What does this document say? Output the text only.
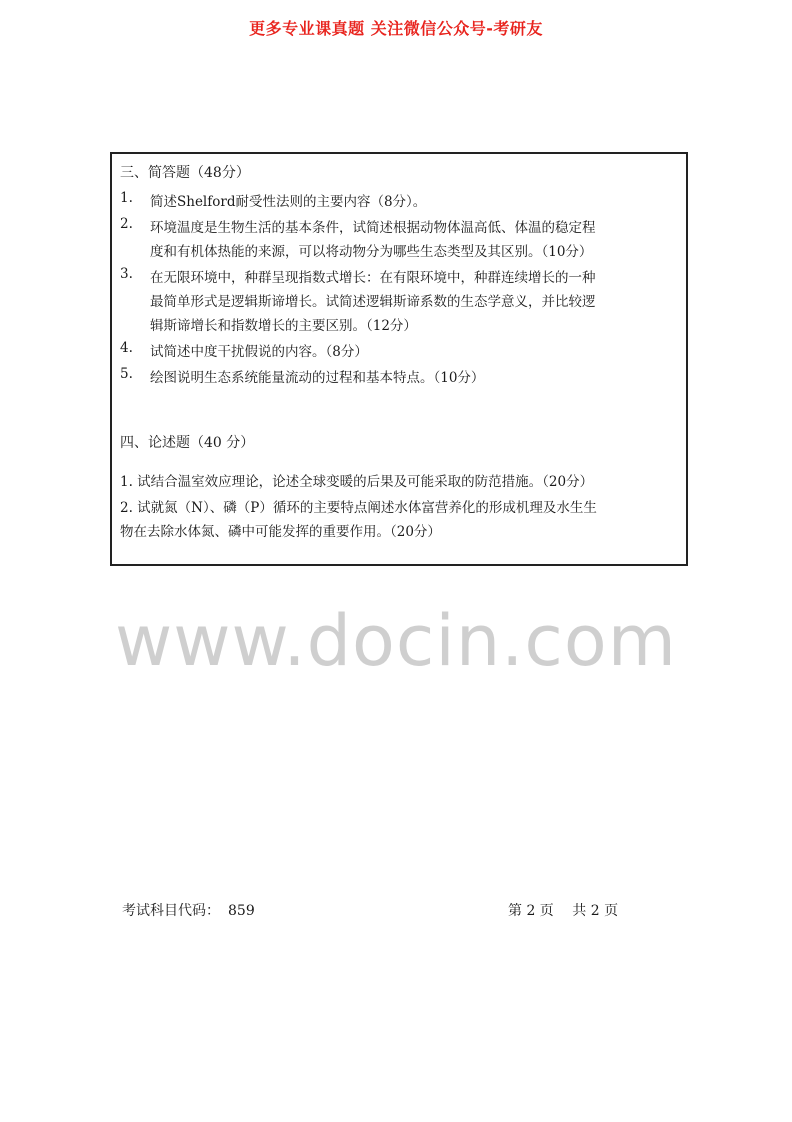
更多专业课真题 关注微信公众号-考研友
三、简答题（48分）
1. 简述Shelford耐受性法则的主要内容（8分）。
2. 环境温度是生物生活的基本条件，试简述根据动物体温高低、体温的稳定程
度和有机体热能的来源，可以将动物分为哪些生态类型及其区别。（10分）
3. 在无限环境中，种群呈现指数式增长：在有限环境中，种群连续增长的一种
最简单形式是逻辑斯谛增长。试简述逻辑斯谛系数的生态学意义，并比较逻
辑斯谛增长和指数增长的主要区别。（12分）
4. 试简述中度干扰假说的内容。（8分）
5. 绘图说明生态系统能量流动的过程和基本特点。（10分）
四、论述题（40 分）
1. 试结合温室效应理论，论述全球变暖的后果及可能采取的防范措施。（20分）
2. 试就氮（N）、磷（P）循环的主要特点阐述水体富营养化的形成机理及水生生
物在去除水体氮、磷中可能发挥的重要作用。（20分）
www.docin.com
考试科目代码： 859	第 2 页　 共 2 页
